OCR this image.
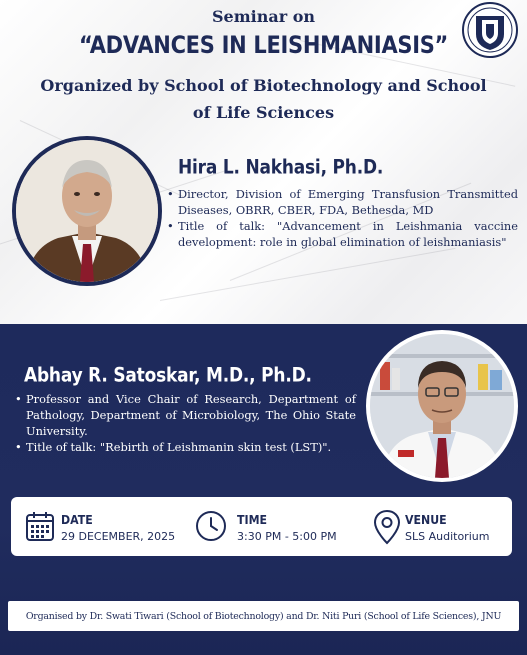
Seminar on
“ADVANCES IN LEISHMANIASIS”
Organized by School of Biotechnology and School of Life Sciences
Hira L. Nakhasi, Ph.D.
• Director, Division of Emerging Transfusion Transmitted Diseases, OBRR, CBER, FDA, Bethesda, MD
• Title of talk: "Advancement in Leishmania vaccine development: role in global elimination of leishmaniasis"
Abhay R. Satoskar, M.D., Ph.D.
• Professor and Vice Chair of Research, Department of Pathology, Department of Microbiology, The Ohio State University.
• Title of talk: "Rebirth of Leishmanin skin test (LST)".
DATE
29 DECEMBER, 2025
TIME
3:30 PM - 5:00 PM
VENUE
SLS Auditorium
Organised by Dr. Swati Tiwari (School of Biotechnology) and Dr. Niti Puri (School of Life Sciences), JNU
